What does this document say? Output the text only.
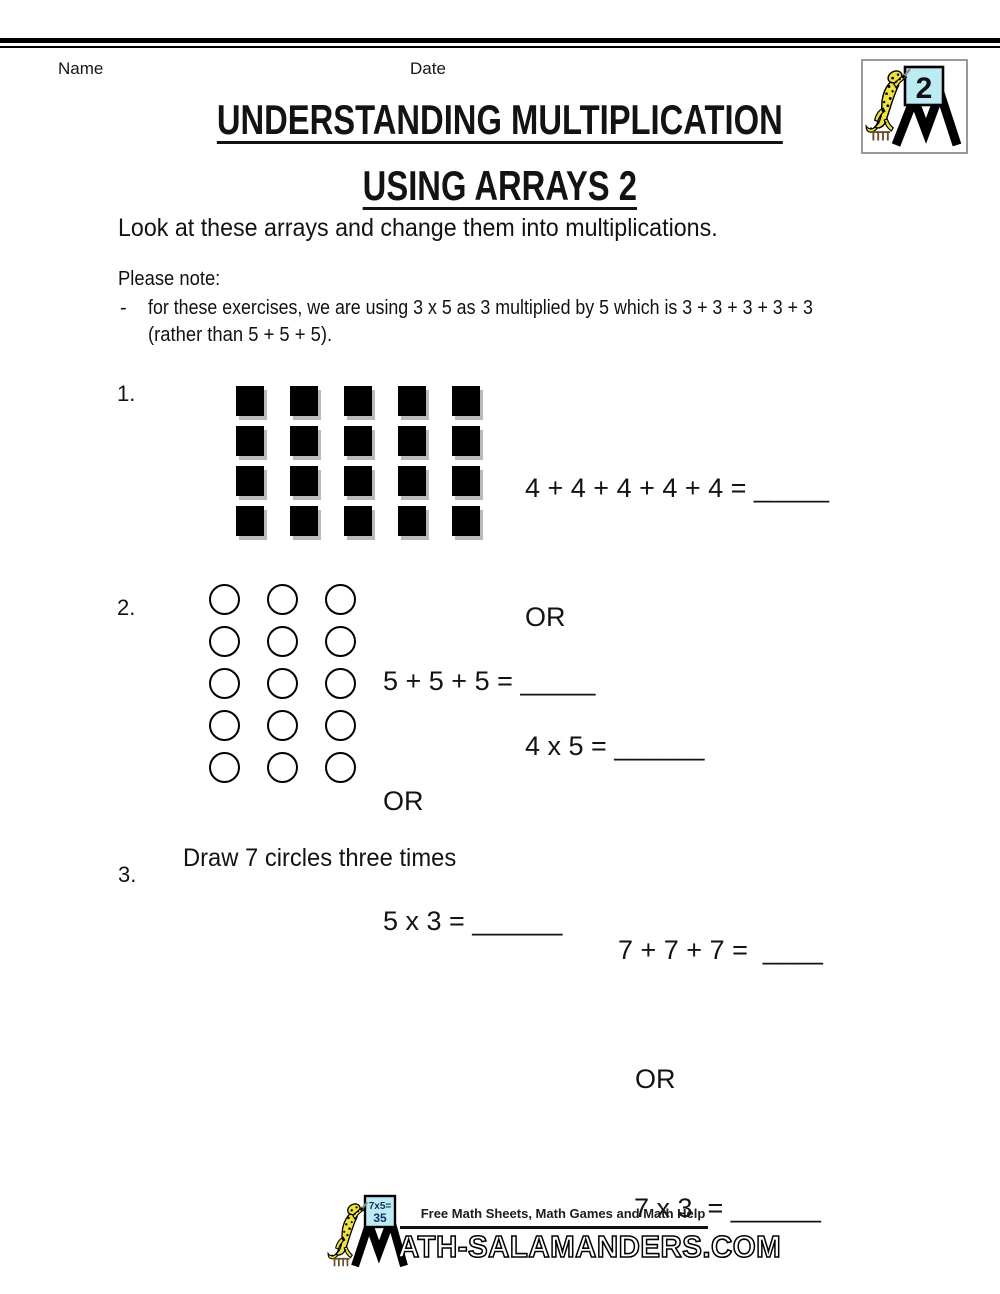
Name	Date
2
UNDERSTANDING MULTIPLICATION
USING ARRAYS 2
Look at these arrays and change them into multiplications.
Please note:
- for these exercises, we are using 3 x 5 as 3 multiplied by 5 which is 3 + 3 + 3 + 3 + 3
(rather than 5 + 5 + 5).
1.

4 + 4 + 4 + 4 + 4 = _____

OR

4 x 5 = ______

2.

5 + 5 + 5 = _____

OR

5 x 3 = ______

3.
Draw 7 circles three times

7 + 7 + 7 =  ____

OR

7 x 3  = ______

7x5=
35	Free Math Sheets, Math Games and Math Help
ATH-SALAMANDERS.COM
